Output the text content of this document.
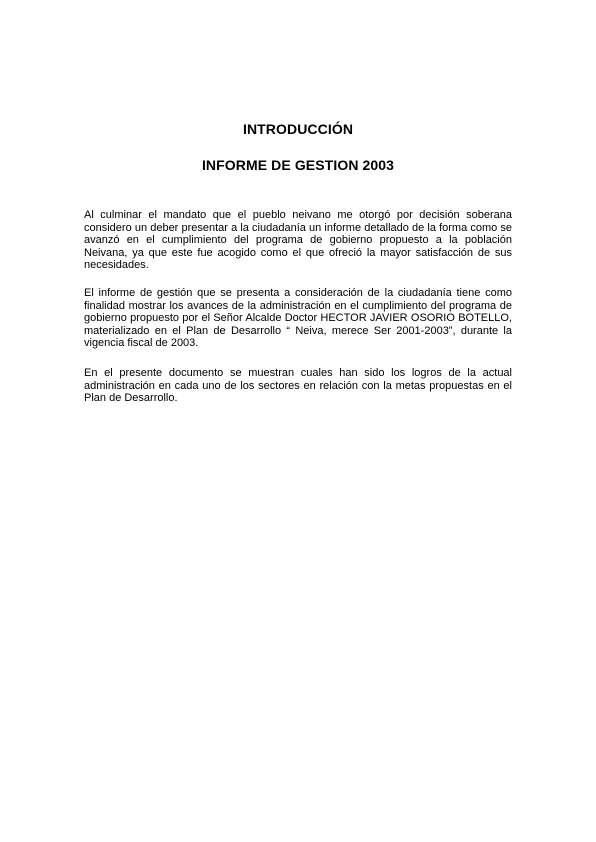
INTRODUCCIÓN
INFORME DE GESTION 2003
Al culminar el mandato que el pueblo neivano me otorgó por decisión soberana considero un deber presentar a la ciudadanía un informe detallado de la forma como se avanzó en el cumplimiento del programa de gobierno propuesto a la población Neivana, ya que este fue acogido como el que ofreció la mayor satisfacción de sus necesidades.
El informe de gestión que se presenta a consideración de la ciudadanía tiene como finalidad mostrar los avances de la administración en el cumplimiento del programa de gobierno propuesto por el Señor Alcalde Doctor HECTOR JAVIER OSORIO BOTELLO, materializado en el Plan de Desarrollo “ Neiva, merece Ser 2001-2003”, durante la vigencia fiscal de 2003.
En el presente documento se muestran cuales han sido los logros de la actual administración en cada uno de los sectores en relación con la metas propuestas en el Plan de Desarrollo.
